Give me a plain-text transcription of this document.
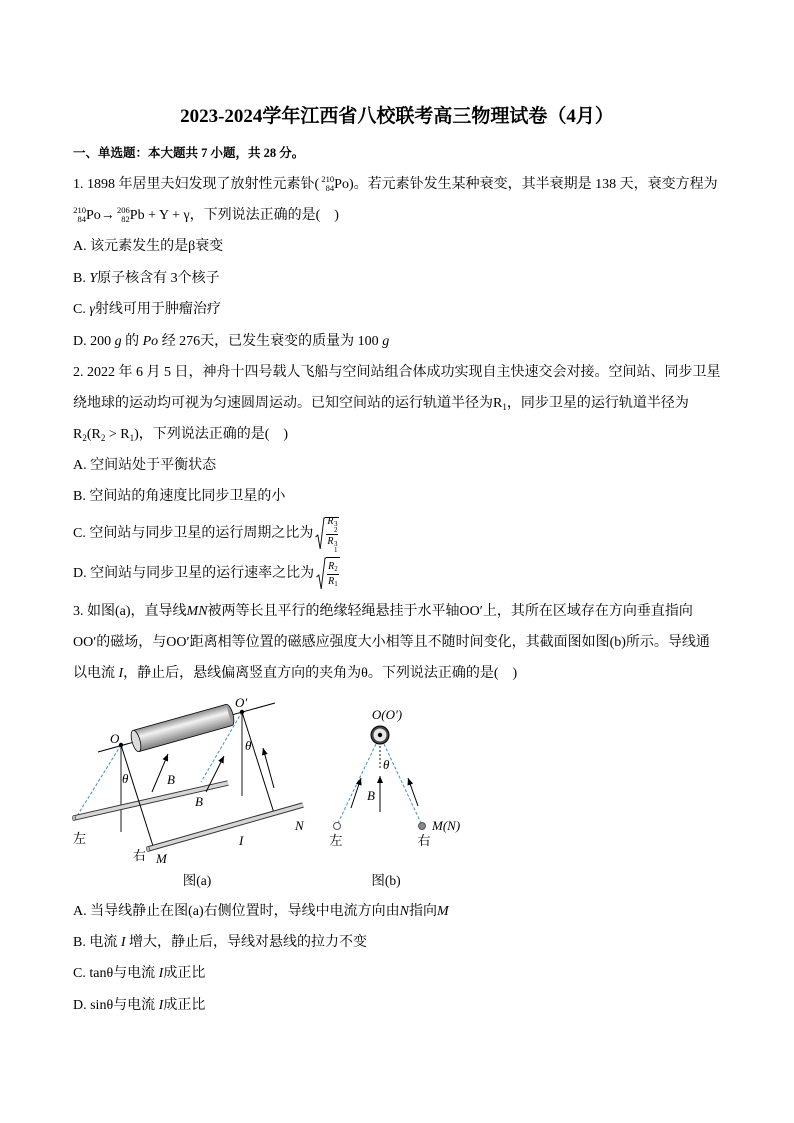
2023-2024学年江西省八校联考高三物理试卷（4月）
一、单选题：本大题共 7 小题，共 28 分。
1. 1898 年居里夫妇发现了放射性元素钋( 210
84 Po)。若元素钋发生某种衰变，其半衰期是 138 天，衰变方程为
210
84 Po→ 206
82 Pb + Y + γ，下列说法正确的是(    )
A. 该元素发生的是β衰变
B. Y原子核含有 3个核子
C. γ射线可用于肿瘤治疗
D. 200 g 的 Po 经 276天，已发生衰变的质量为 100 g
2. 2022 年 6 月 5 日，神舟十四号载人飞船与空间站组合体成功实现自主快速交会对接。空间站、同步卫星
绕地球的运动均可视为匀速圆周运动。已知空间站的运行轨道半径为$R_1$，同步卫星的运行轨道半径为
$R_2(R_2 > R_1)$，下列说法正确的是(    )
A. 空间站处于平衡状态
B. 空间站的角速度比同步卫星的小
C. 空间站与同步卫星的运行周期之比为 R 3
2
R 3
1
D. 空间站与同步卫星的运行速率之比为 $\frac{R_2}{R_1}$
3. 如图(a)，直导线MN被两等长且平行的绝缘轻绳悬挂于水平轴OO′上，其所在区域存在方向垂直指向
OO′的磁场，与OO′距离相等位置的磁感应强度大小相等且不随时间变化，其截面图如图(b)所示。导线通
以电流 I，静止后，悬线偏离竖直方向的夹角为θ。下列说法正确的是(    )
O
O′
θ
θ
B
B
左
右 M
N
I
图(a)
O(O′)
θ
B
左	右
M(N)
图(b)
A. 当导线静止在图(a)右侧位置时，导线中电流方向由N指向M
B. 电流 I 增大，静止后，导线对悬线的拉力不变
C. tanθ与电流 I成正比
D. sinθ与电流 I成正比
